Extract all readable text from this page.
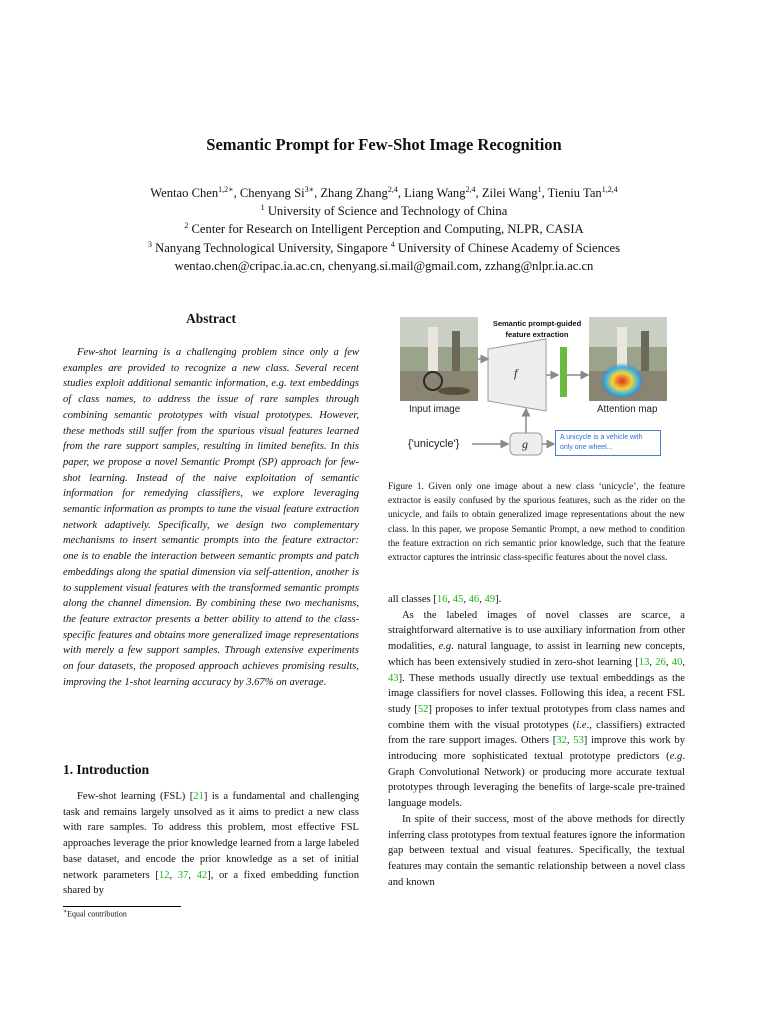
Semantic Prompt for Few-Shot Image Recognition
Wentao Chen$^{1,2∗}$, Chenyang $Si^{3∗}$, Zhang Zhang$^{2,4}$, Liang Wang$^{2,4}$, Zilei Wang$^1$, Tieniu Tan$^{1,2,4}$
$^1$ University of Science and Technology of China
$^2$ Center for Research on Intelligent Perception and Computing, NLPR, CASIA
$^3$ Nanyang Technological University, Singapore $^4$ University of Chinese Academy of Sciences
wentao.chen@cripac.ia.ac.cn, chenyang.si.mail@gmail.com, zzhang@nlpr.ia.ac.cn
Abstract

Few-shot learning is a challenging problem since only a few examples are provided to recognize a new class. Several recent studies exploit additional semantic information, e.g. text embeddings of class names, to address the issue of rare samples through combining semantic prototypes with visual prototypes. However, these methods still suffer from the spurious visual features learned from the rare support samples, resulting in limited benefits. In this paper, we propose a novel Semantic Prompt (SP) approach for few-shot learning. Instead of the naive exploitation of semantic information for remedying classifiers, we explore leveraging semantic information as prompts to tune the visual feature extraction network adaptively. Specifically, we design two complementary mechanisms to insert semantic prompts into the feature extractor: one is to enable the interaction between semantic prompts and patch embeddings along the spatial dimension via self-attention, another is to supplement visual features with the transformed semantic prompts along the channel dimension. By combining these two mechanisms, the feature extractor presents a better ability to attend to the class-specific features and obtains more generalized image representations with merely a few support samples. Through extensive experiments on four datasets, the proposed approach achieves promising results, improving the 1-shot learning accuracy by 3.67% on average.

1. Introduction

Few-shot learning (FSL) [21] is a fundamental and challenging task and remains largely unsolved as it aims to predict a new class with rare samples. To address this problem, most effective FSL approaches leverage the prior knowledge learned from a large labeled base dataset, and encode the prior knowledge as a set of initial network parameters [12, 37, 42], or a fixed embedding function shared by

∗Equal contribution
Semantic prompt-guided
feature extraction
f
g
Input image	Attention map
{'unicycle'}
A unicycle is a vehicle with only one wheel...
Figure 1. Given only one image about a new class ‘unicycle’, the feature extractor is easily confused by the spurious features, such as the rider on the unicycle, and fails to obtain generalized image representations about the new class. In this paper, we propose Semantic Prompt, a new method to condition the feature extraction on rich semantic prior knowledge, such that the feature extractor captures the intrinsic class-specific features about the novel class.

all classes [16, 45, 46, 49].

As the labeled images of novel classes are scarce, a straightforward alternative is to use auxiliary information from other modalities, e.g. natural language, to assist in learning new concepts, which has been extensively studied in zero-shot learning [13, 26, 40, 43]. These methods usually directly use textual embeddings as the image classifiers for novel classes. Following this idea, a recent FSL study [52] proposes to infer textual prototypes from class names and combine them with the visual prototypes (i.e., classifiers) extracted from the rare support images. Others [32, 53] improve this work by introducing more sophisticated textual prototype predictors (e.g. Graph Convolutional Network) or producing more accurate textual prototypes through leveraging the benefits of large-scale pre-trained language models.

In spite of their success, most of the above methods for directly inferring class prototypes from textual features ignore the information gap between textual and visual features. Specifically, the textual features may contain the semantic relationship between a novel class and known
